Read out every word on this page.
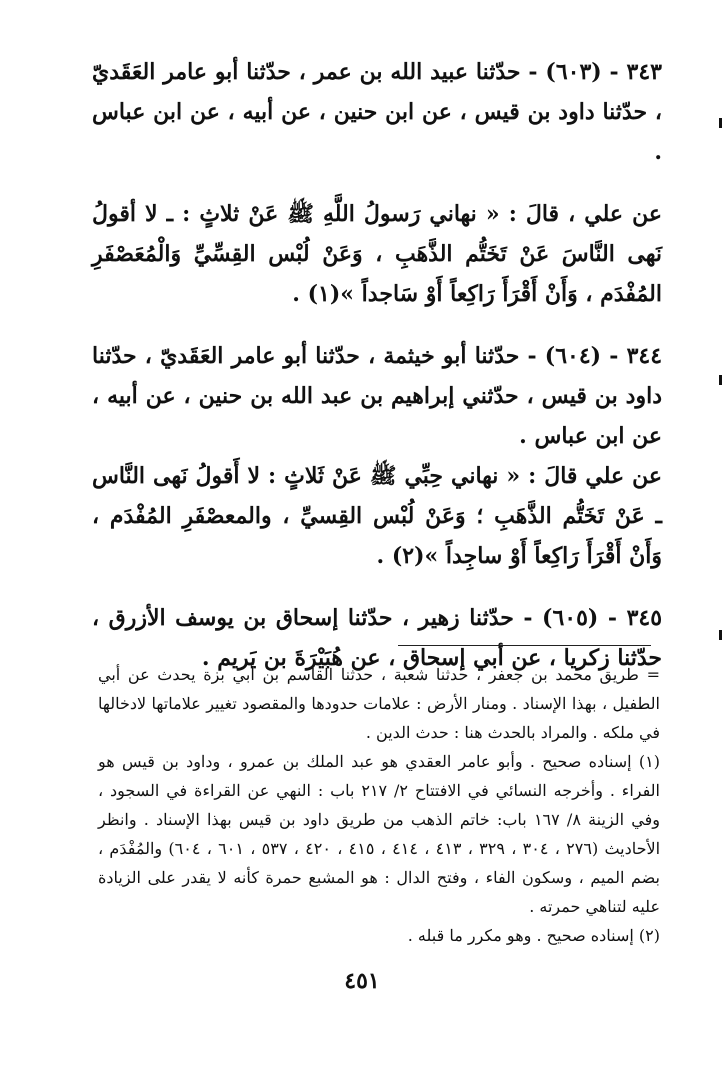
٣٤٣ - (٦٠٣) - حدّثنا عبيد الله بن عمر ، حدّثنا أبو عامر العَقَديّ ، حدّثنا داود بن قيس ، عن ابن حنين ، عن أبيه ، عن ابن عباس .

عن علي ، قالَ : « نهاني رَسولُ اللَّهِ ﷺ عَنْ ثلاثٍ : ـ لا أقولُ نَهى النَّاسَ عَنْ تَخَتُّم الذَّهَبِ ، وَعَنْ لُبْس القِسِّيِّ وَالْمُعَصْفَرِ المُفْدَم ، وَأَنْ أَقْرَأَ رَاكِعاً أَوْ سَاجداً »(١) .

٣٤٤ - (٦٠٤) - حدّثنا أبو خيثمة ، حدّثنا أبو عامر العَقَديّ ، حدّثنا داود بن قيس ، حدّثني إبراهيم بن عبد الله بن حنين ، عن أبيه ، عن ابن عباس .

عن علي قالَ : « نهاني حِبِّي ﷺ عَنْ ثَلاثٍ : لا أَقولُ نَهى النَّاس ـ عَنْ تَخَتُّم الذَّهَبِ ؛ وَعَنْ لُبْس القِسيِّ ، والمعصْفَرِ المُفْدَم ، وَأَنْ أَقْرَأَ رَاكِعاً أَوْ ساجِداً »(٢) .

٣٤٥ - (٦٠٥) - حدّثنا زهير ، حدّثنا إسحاق بن يوسف الأزرق ، حدّثنا زكريا ، عن أبي إسحاق ، عن هُبَيْرَةَ بن يَريم .

= طريق محمد بن جعفر ، حدثنا شعبة ، حدثنا القاسم بن أبي بزة يحدث عن أبي الطفيل ، بهذا الإسناد . ومنار الأرض : علامات حدودها والمقصود تغيير علاماتها لادخالها في ملكه . والمراد بالحدث هنا : حدث الدين .

(١) إسناده صحيح . وأبو عامر العقدي هو عبد الملك بن عمرو ، وداود بن قيس هو الفراء . وأخرجه النسائي في الافتتاح ٢/ ٢١٧ باب : النهي عن القراءة في السجود ، وفي الزينة ٨/ ١٦٧ باب: خاتم الذهب من طريق داود بن قيس بهذا الإسناد . وانظر الأحاديث (٢٧٦ ، ٣٠٤ ، ٣٢٩ ، ٤١٣ ، ٤١٤ ، ٤١٥ ، ٤٢٠ ، ٥٣٧ ، ٦٠١ ، ٦٠٤) والمُفْدَم ، بضم الميم ، وسكون الفاء ، وفتح الدال : هو المشبع حمرة كأنه لا يقدر على الزيادة عليه لتناهي حمرته .

(٢) إسناده صحيح . وهو مكرر ما قبله .

٤٥١
